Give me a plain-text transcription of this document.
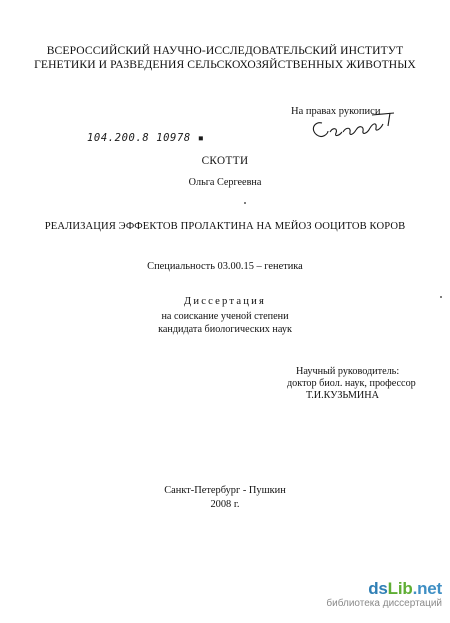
ВСЕРОССИЙСКИЙ НАУЧНО-ИССЛЕДОВАТЕЛЬСКИЙ ИНСТИТУТ
ГЕНЕТИКИ И РАЗВЕДЕНИЯ СЕЛЬСКОХОЗЯЙСТВЕННЫХ ЖИВОТНЫХ
На правах рукописи
104.200.8 10978 ▪
СКОТТИ
Ольга Сергеевна
РЕАЛИЗАЦИЯ ЭФФЕКТОВ ПРОЛАКТИНА НА МЕЙОЗ ООЦИТОВ КОРОВ
Специальность 03.00.15 – генетика
Диссертация
на соискание ученой степени
кандидата биологических наук
Научный руководитель:
доктор биол. наук, профессор
Т.И.КУЗЬМИНА
Санкт-Петербург - Пушкин
2008 г.
dsLib.net
библиотека диссертаций
